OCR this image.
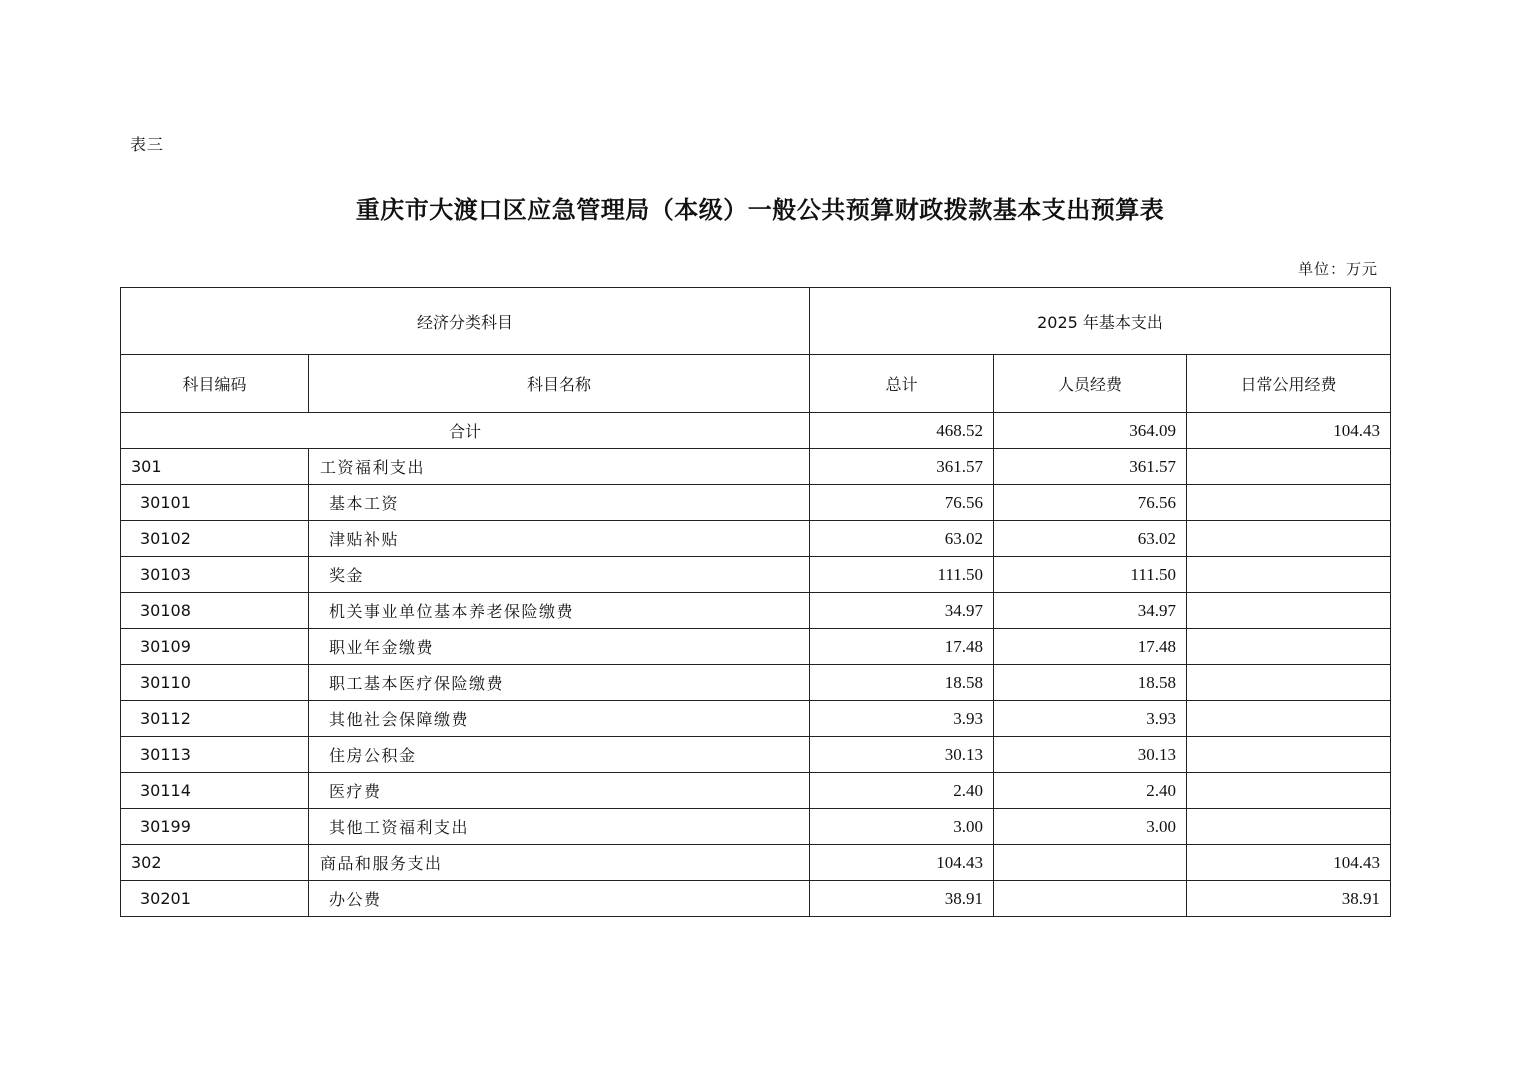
表三
重庆市大渡口区应急管理局（本级）一般公共预算财政拨款基本支出预算表
单位：万元
经济分类科目		2025 年基本支出		
科目编码	科目名称	总计	人员经费	日常公用经费
合计		468.52	364.09	104.43
301	工资福利支出	361.57	361.57	
30101	基本工资	76.56	76.56	
30102	津贴补贴	63.02	63.02	
30103	奖金	111.50	111.50	
30108	机关事业单位基本养老保险缴费	34.97	34.97	
30109	职业年金缴费	17.48	17.48	
30110	职工基本医疗保险缴费	18.58	18.58	
30112	其他社会保障缴费	3.93	3.93	
30113	住房公积金	30.13	30.13	
30114	医疗费	2.40	2.40	
30199	其他工资福利支出	3.00	3.00	
302	商品和服务支出	104.43		104.43
30201	办公费	38.91		38.91
